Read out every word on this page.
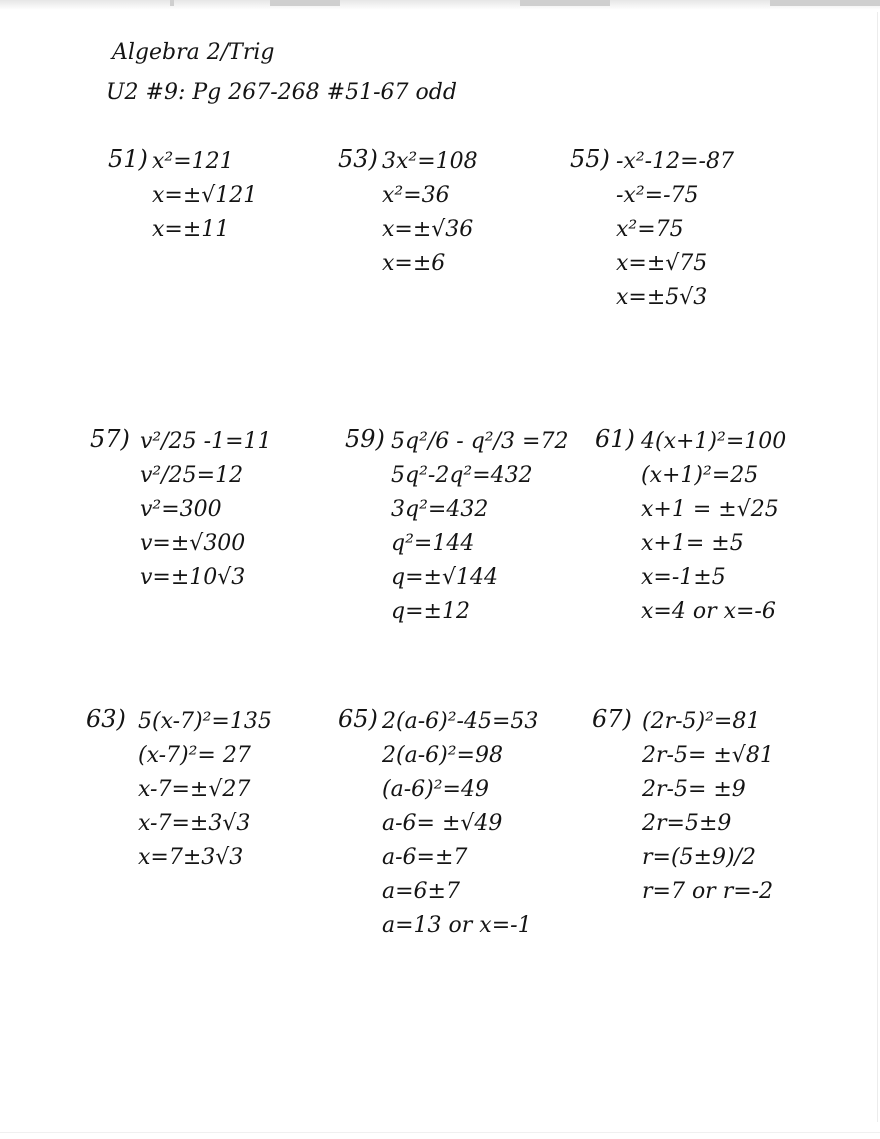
Algebra 2/Trig
U2 #9: Pg 267-268 #51-67 odd
51) x²=121
x=±√121
x=±11
53) 3x²=108
x²=36
x=±√36
x=±6
55) -x²-12=-87
-x²=-75
x²=75
x=±√75
x=±5√3
57) v²/25 -1=11
v²/25=12
v²=300
v=±√300
v=±10√3
59) 5q²/6 - q²/3 =72
5q²-2q²=432
3q²=432
q²=144
q=±√144
q=±12
61) 4(x+1)²=100
(x+1)²=25
x+1 = ±√25
x+1= ±5
x=-1±5
x=4 or x=-6
63) 5(x-7)²=135
(x-7)²= 27
x-7=±√27
x-7=±3√3
x=7±3√3
65) 2(a-6)²-45=53
2(a-6)²=98
(a-6)²=49
a-6= ±√49
a-6=±7
a=6±7
a=13 or x=-1
67) (2r-5)²=81
2r-5= ±√81
2r-5= ±9
2r=5±9
r=(5±9)/2
r=7 or r=-2
